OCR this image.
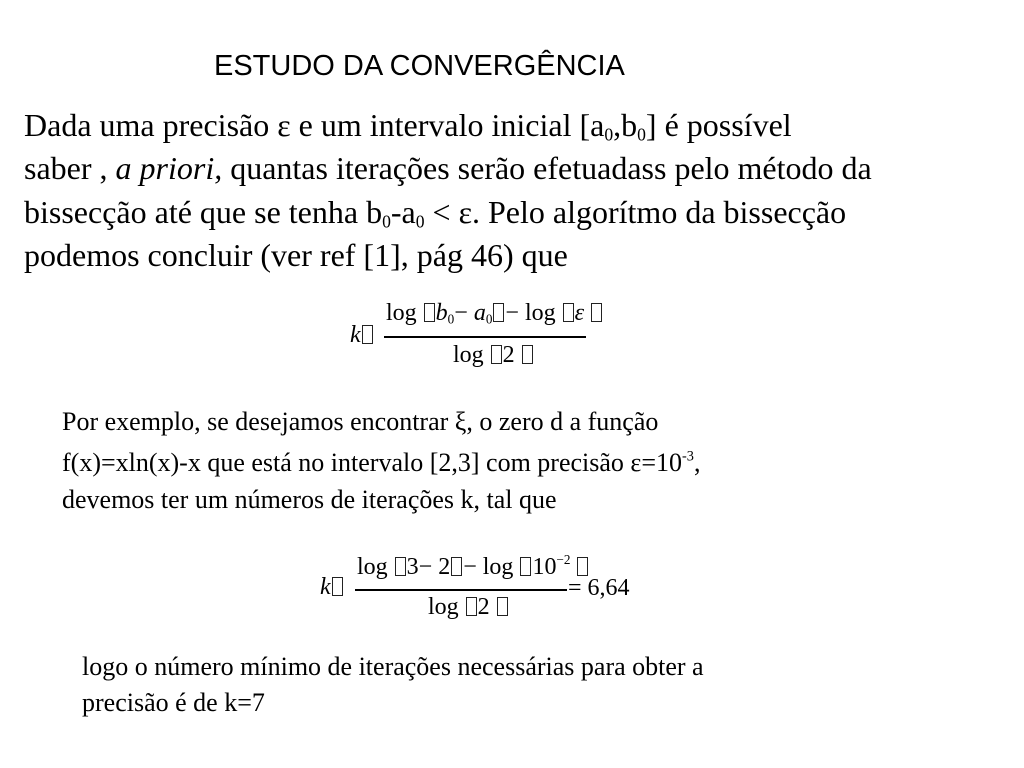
ESTUDO DA CONVERGÊNCIA
Dada uma precisão ε e um intervalo inicial $[a_0,b_0]$ é possível
saber , a priori, quantas iterações serão efetuadass pelo método da
bissecção até que se tenha $b_0-a_0 < \varepsilon$. Pelo algorítmo da bissecção
podemos concluir (ver ref [1], pág 46) que
k
$\log b_0- a_0 - \log \varepsilon$
log 2
Por exemplo, se desejamos encontrar ξ, o zero d a função
f(x)=xln(x)-x que está no intervalo [2,3] com precisão $\varepsilon=10^{-3}$,
devemos ter um números de iterações k, tal que
k
$\log 3- 2 - \log 10^{-2}$
= 6,64
log 2
logo o número mínimo de iterações necessárias para obter a
precisão é de k=7
